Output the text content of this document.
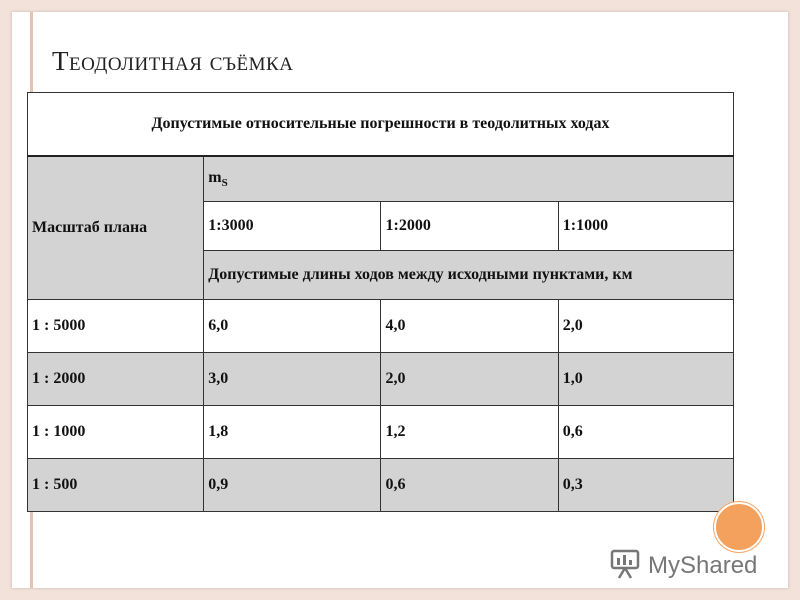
Теодолитная съёмка
Допустимые относительные погрешности в теодолитных ходах			
Масштаб плана	$m_S$
	1:3000	1:2000	1:1000
	Допустимые длины ходов между исходными пунктами, км		
1 : 5000	6,0	4,0	2,0
1 : 2000	3,0	2,0	1,0
1 : 1000	1,8	1,2	0,6
1 : 500	0,9	0,6	0,3
MyShared
